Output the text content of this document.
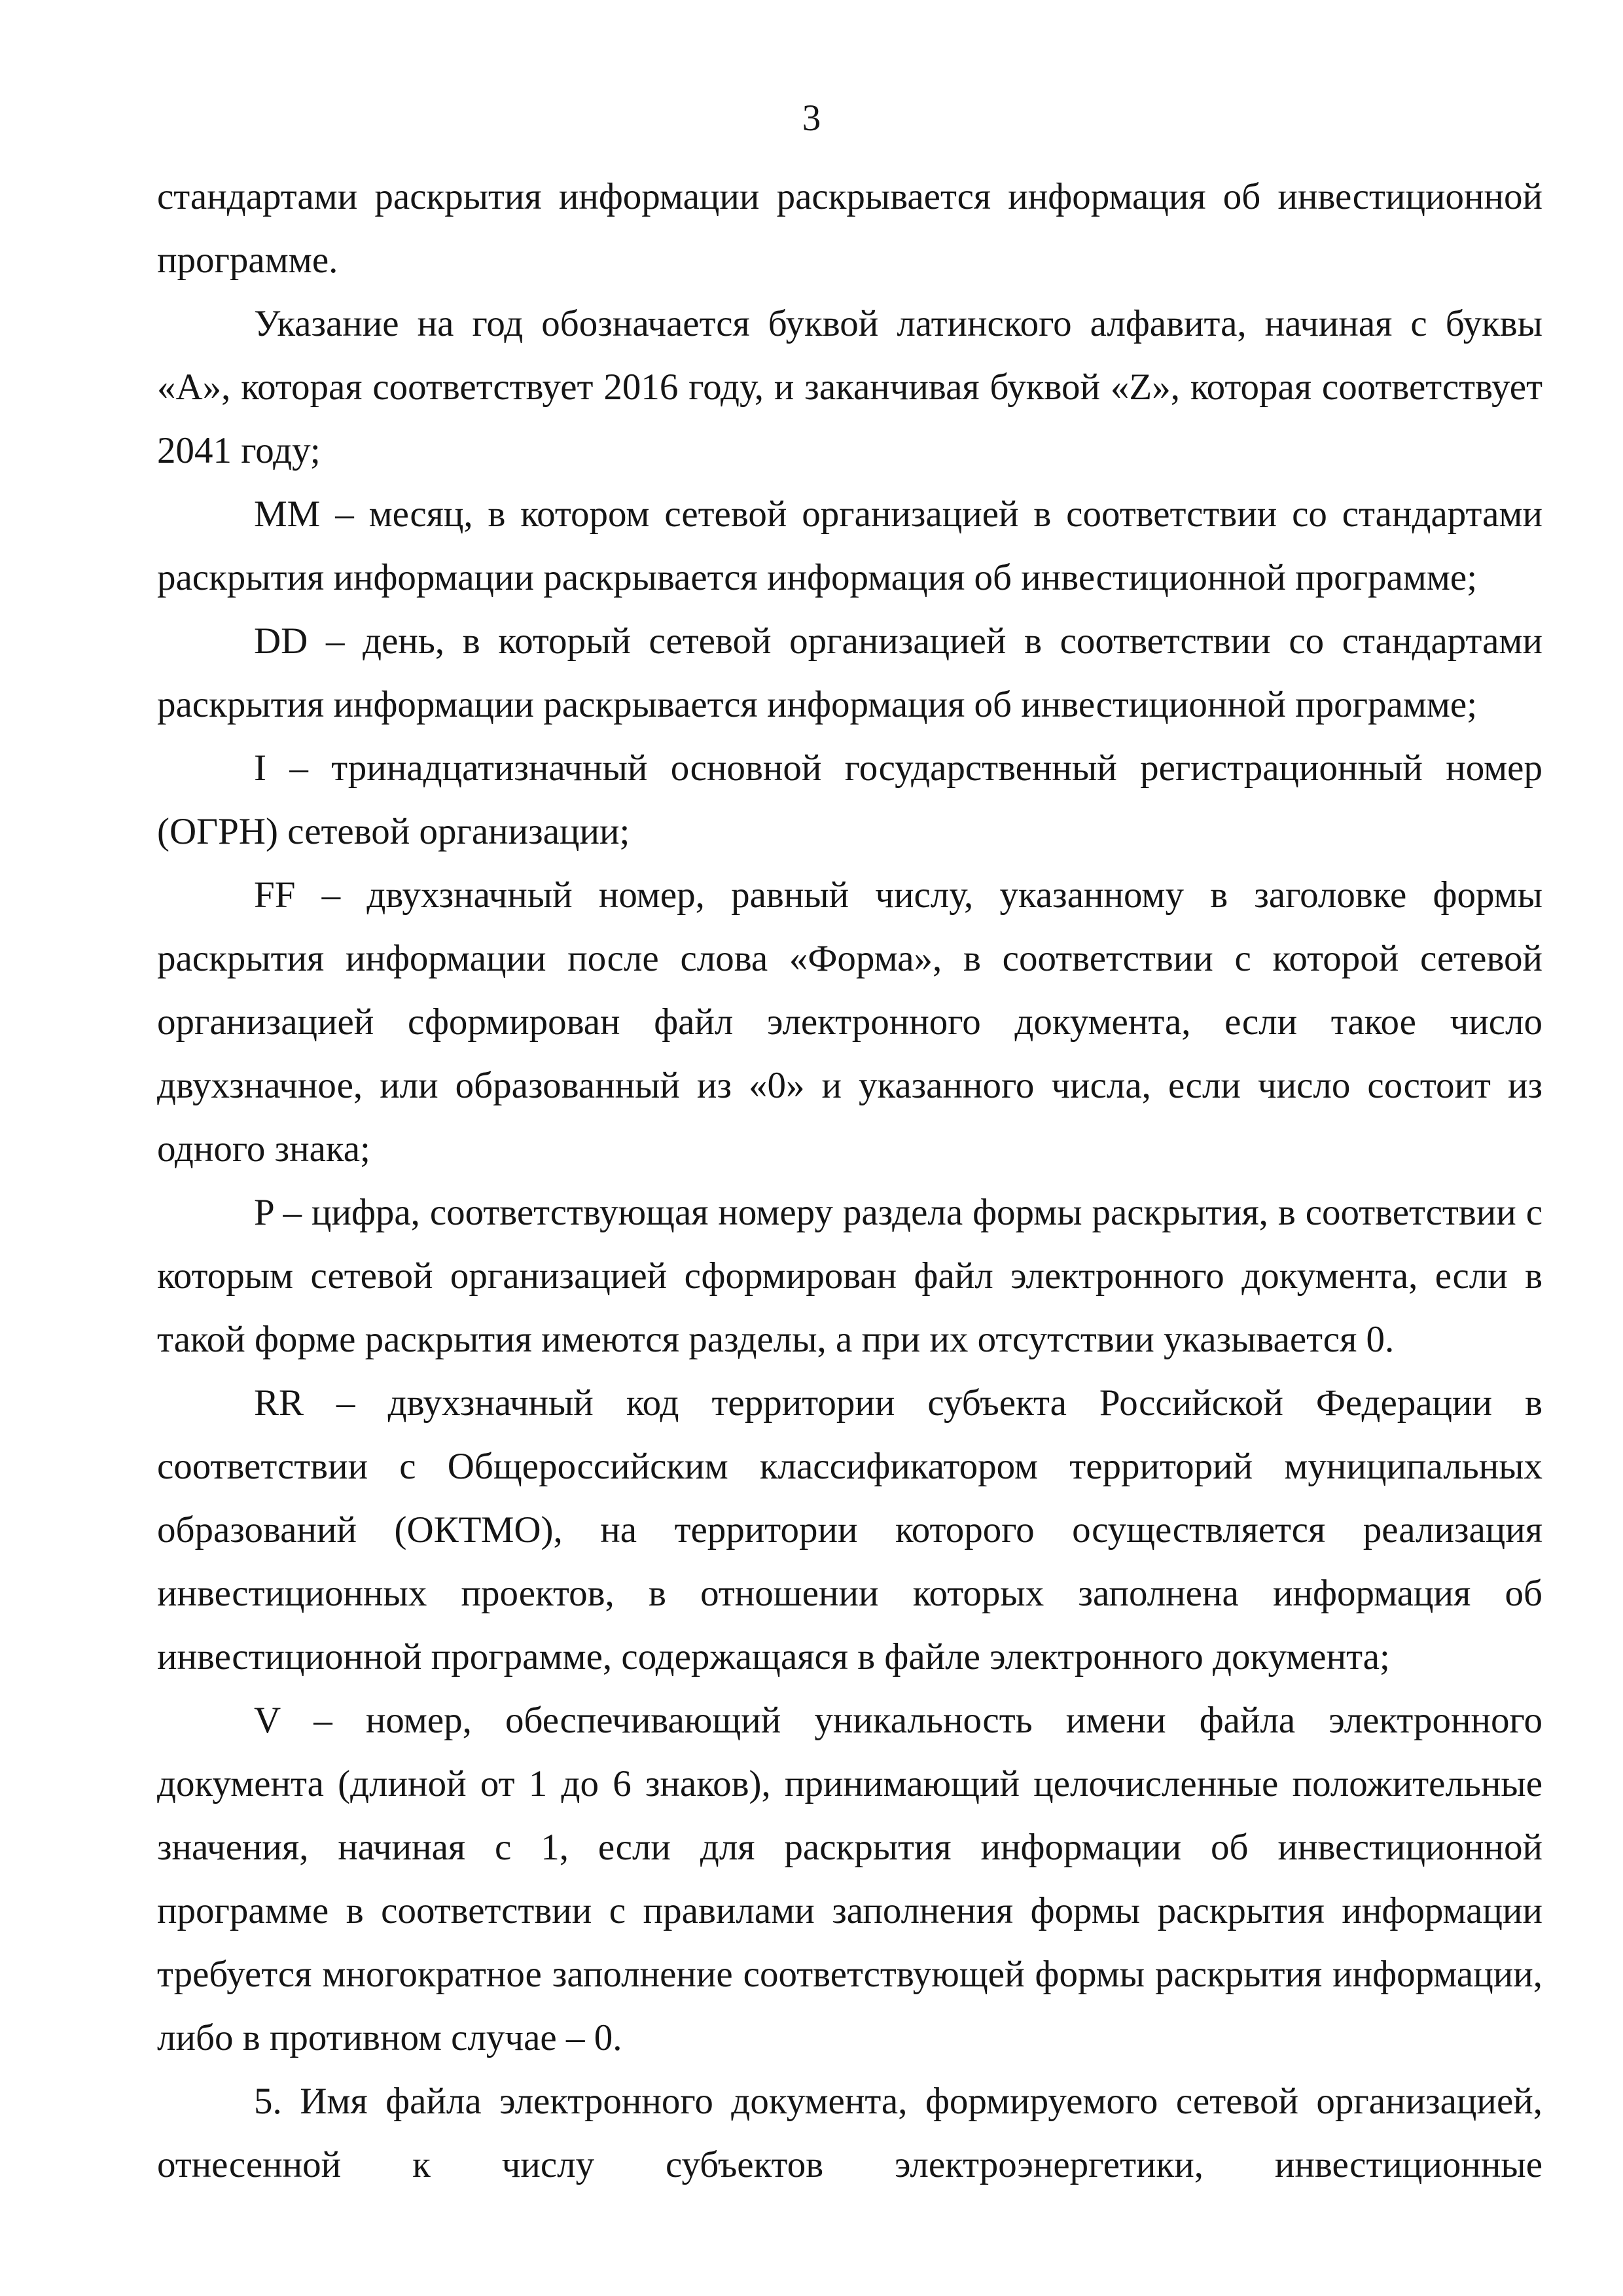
3

стандартами раскрытия информации раскрывается информация об инвестиционной программе.

Указание на год обозначается буквой латинского алфавита, начиная с буквы «A», которая соответствует 2016 году, и заканчивая буквой «Z», которая соответствует 2041 году;

MM – месяц, в котором сетевой организацией в соответствии со стандартами раскрытия информации раскрывается информация об инвестиционной программе;

DD – день, в который сетевой организацией в соответствии со стандартами раскрытия информации раскрывается информация об инвестиционной программе;

I – тринадцатизначный основной государственный регистрационный номер (ОГРН) сетевой организации;

FF – двухзначный номер, равный числу, указанному в заголовке формы раскрытия информации после слова «Форма», в соответствии с которой сетевой организацией сформирован файл электронного документа, если такое число двухзначное, или образованный из «0» и указанного числа, если число состоит из одного знака;

P – цифра, соответствующая номеру раздела формы раскрытия, в соответствии с которым сетевой организацией сформирован файл электронного документа, если в такой форме раскрытия имеются разделы, а при их отсутствии указывается 0.

RR – двухзначный код территории субъекта Российской Федерации в соответствии с Общероссийским классификатором территорий муниципальных образований (ОКТМО), на территории которого осуществляется реализация инвестиционных проектов, в отношении которых заполнена информация об инвестиционной программе, содержащаяся в файле электронного документа;

V – номер, обеспечивающий уникальность имени файла электронного документа (длиной от 1 до 6 знаков), принимающий целочисленные положительные значения, начиная с 1, если для раскрытия информации об инвестиционной программе в соответствии с правилами заполнения формы раскрытия информации требуется многократное заполнение соответствующей формы раскрытия информации, либо в противном случае – 0.

5. Имя файла электронного документа, формируемого сетевой организацией, отнесенной к числу субъектов электроэнергетики, инвестиционные
